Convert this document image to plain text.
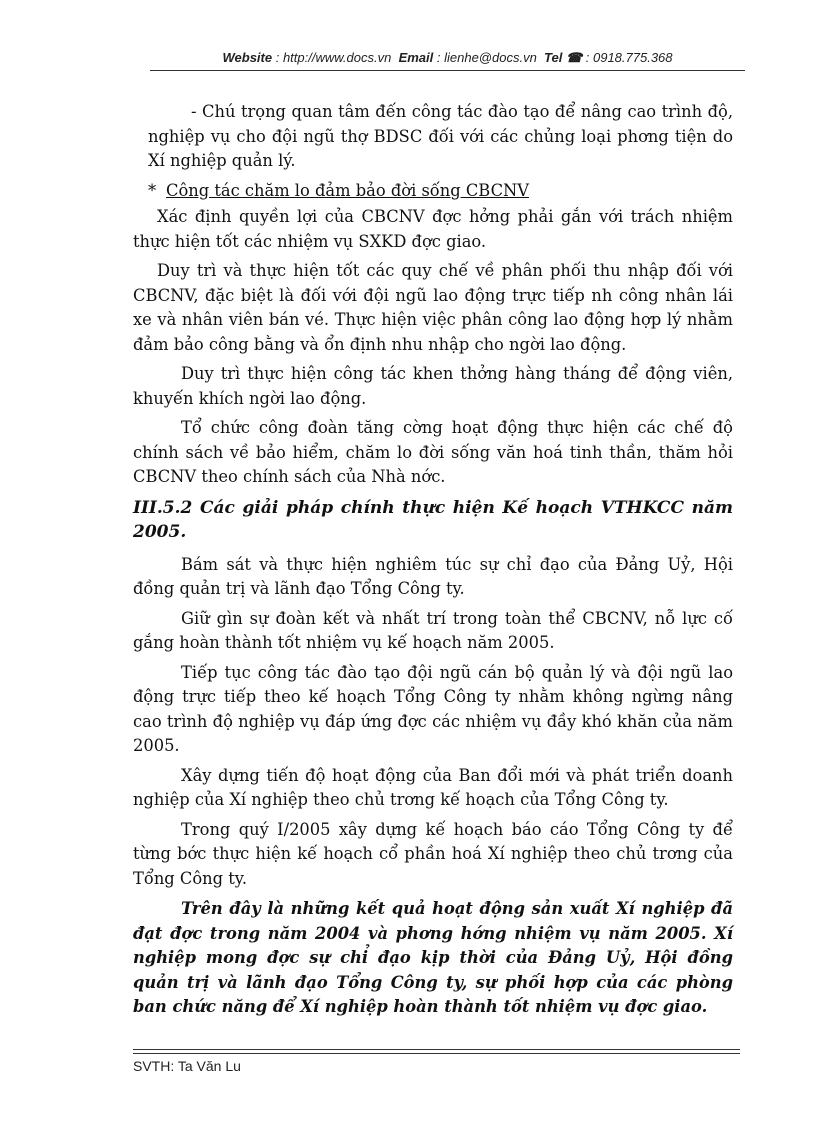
Website : http://www.docs.vn Email : lienhe@docs.vn Tel ☎ : 0918.775.368

- Chú trọng quan tâm đến công tác đào tạo để nâng cao trình độ, nghiệp vụ cho đội ngũ thợ BDSC đối với các chủng loại phơng tiện do Xí nghiệp quản lý.

* Công tác chăm lo đảm bảo đời sống CBCNV

Xác định quyền lợi của CBCNV đợc hởng phải gắn với trách nhiệm thực hiện tốt các nhiệm vụ SXKD đợc giao.

Duy trì và thực hiện tốt các quy chế về phân phối thu nhập đối với CBCNV, đặc biệt là đối với đội ngũ lao động trực tiếp nh công nhân lái xe và nhân viên bán vé. Thực hiện việc phân công lao động hợp lý nhằm đảm bảo công bằng và ổn định nhu nhập cho ngời lao động.

Duy trì thực hiện công tác khen thởng hàng tháng để động viên, khuyến khích ngời lao động.

Tổ chức công đoàn tăng cờng hoạt động thực hiện các chế độ chính sách về bảo hiểm, chăm lo đời sống văn hoá tinh thần, thăm hỏi CBCNV theo chính sách của Nhà nớc.

III.5.2 Các giải pháp chính thực hiện Kế hoạch VTHKCC năm 2005.

Bám sát và thực hiện nghiêm túc sự chỉ đạo của Đảng Uỷ, Hội đồng quản trị và lãnh đạo Tổng Công ty.

Giữ gìn sự đoàn kết và nhất trí trong toàn thể CBCNV, nỗ lực cố gắng hoàn thành tốt nhiệm vụ kế hoạch năm 2005.

Tiếp tục công tác đào tạo đội ngũ cán bộ quản lý và đội ngũ lao động trực tiếp theo kế hoạch Tổng Công ty nhằm không ngừng nâng cao trình độ nghiệp vụ đáp ứng đợc các nhiệm vụ đầy khó khăn của năm 2005.

Xây dựng tiến độ hoạt động của Ban đổi mới và phát triển doanh nghiệp của Xí nghiệp theo chủ trơng kế hoạch của Tổng Công ty.

Trong quý I/2005 xây dựng kế hoạch báo cáo Tổng Công ty để từng bớc thực hiện kế hoạch cổ phần hoá Xí nghiệp theo chủ trơng của Tổng Công ty.

Trên đây là những kết quả hoạt động sản xuất Xí nghiệp đã đạt đợc trong năm 2004 và phơng hớng nhiệm vụ năm 2005. Xí nghiệp mong đợc sự chỉ đạo kịp thời của Đảng Uỷ, Hội đồng quản trị và lãnh đạo Tổng Công ty, sự phối hợp của các phòng ban chức năng để Xí nghiệp hoàn thành tốt nhiệm vụ đợc giao.

SVTH: Ta Văn Lu
